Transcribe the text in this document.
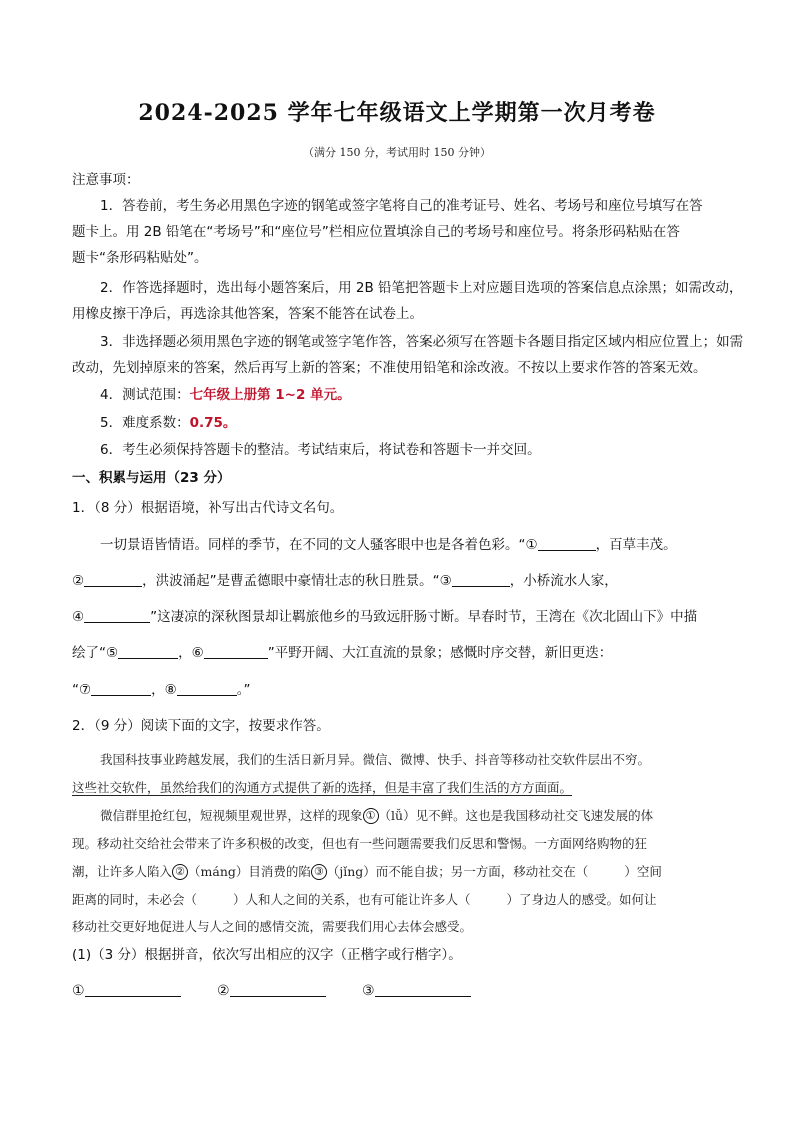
2024-2025 学年七年级语文上学期第一次月考卷
（满分 150 分，考试用时 150 分钟）
注意事项：
1．答卷前，考生务必用黑色字迹的钢笔或签字笔将自己的准考证号、姓名、考场号和座位号填写在答
题卡上。用 2B 铅笔在“考场号”和“座位号”栏相应位置填涂自己的考场号和座位号。将条形码粘贴在答
题卡“条形码粘贴处”。
2．作答选择题时，选出每小题答案后，用 2B 铅笔把答题卡上对应题目选项的答案信息点涂黑；如需改动，
用橡皮擦干净后，再选涂其他答案，答案不能答在试卷上。
3．非选择题必须用黑色字迹的钢笔或签字笔作答，答案必须写在答题卡各题目指定区域内相应位置上；如需
改动，先划掉原来的答案，然后再写上新的答案；不准使用铅笔和涂改液。不按以上要求作答的答案无效。
4．测试范围：七年级上册第 1~2 单元。
5．难度系数：0.75。
6．考生必须保持答题卡的整洁。考试结束后，将试卷和答题卡一并交回。
一、积累与运用（23 分）
1．（8 分）根据语境，补写出古代诗文名句。
一切景语皆情语。同样的季节，在不同的文人骚客眼中也是各着色彩。“①	，百草丰茂。
②	，洪波涌起”是曹孟德眼中豪情壮志的秋日胜景。“③	，小桥流水人家，
④	”这凄凉的深秋图景却让羁旅他乡的马致远肝肠寸断。早春时节，王湾在《次北固山下》中描
绘了“⑤	，⑥	”平野开阔、大江直流的景象；感慨时序交替，新旧更迭：
“⑦	，⑧	。”
2．（9 分）阅读下面的文字，按要求作答。
我国科技事业跨越发展，我们的生活日新月异。微信、微博、快手、抖音等移动社交软件层出不穷。
这些社交软件，虽然给我们的沟通方式提供了新的选择，但是丰富了我们生活的方方面面。
微信群里抢红包，短视频里观世界，这样的现象 ① （lǚ）见不鲜。这也是我国移动社交飞速发展的体
现。移动社交给社会带来了许多积极的改变，但也有一些问题需要我们反思和警惕。一方面网络购物的狂
潮，让许多人陷入 ② （máng）目消费的陷 ③ （jǐng）而不能自拔；另一方面，移动社交在（	）空间
距离的同时，未必会（	）人和人之间的关系，也有可能让许多人（	）了身边人的感受。如何让
移动社交更好地促进人与人之间的感情交流，需要我们用心去体会感受。
(1)（3 分）根据拼音，依次写出相应的汉字（正楷字或行楷字）。
①	②	③
